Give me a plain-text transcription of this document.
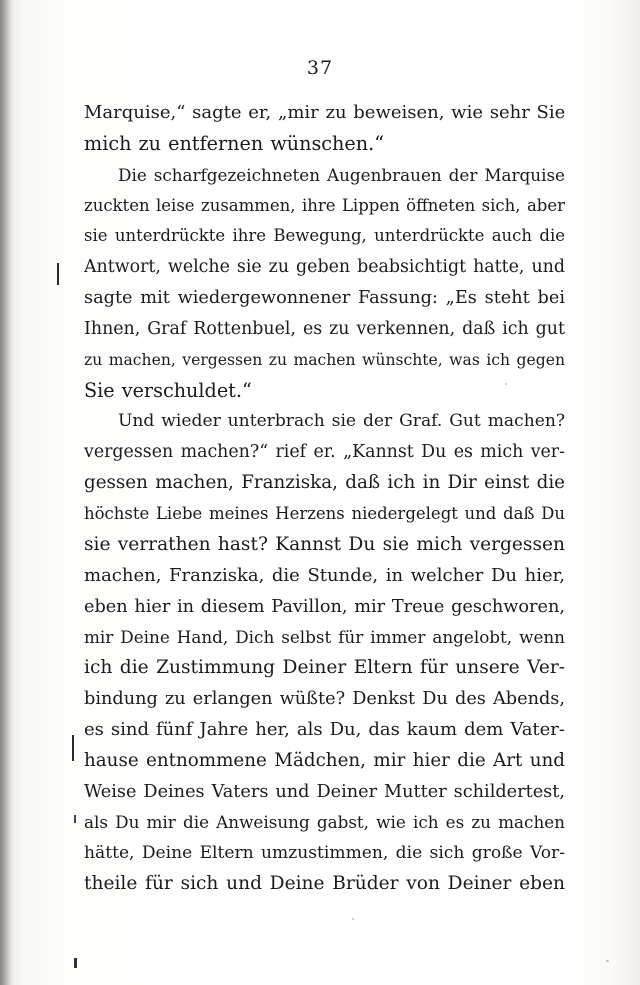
37
Marquise,“ sagte er, „mir zu beweisen, wie sehr Sie
mich zu entfernen wünschen.“
Die scharfgezeichneten Augenbrauen der Marquise
zuckten leise zusammen, ihre Lippen öffneten sich, aber
sie unterdrückte ihre Bewegung, unterdrückte auch die
Antwort, welche sie zu geben beabsichtigt hatte, und
sagte mit wiedergewonnener Fassung: „Es steht bei
Ihnen, Graf Rottenbuel, es zu verkennen, daß ich gut
zu machen, vergessen zu machen wünschte, was ich gegen
Sie verschuldet.“
Und wieder unterbrach sie der Graf. Gut machen?
vergessen machen?“ rief er. „Kannst Du es mich ver-
gessen machen, Franziska, daß ich in Dir einst die
höchste Liebe meines Herzens niedergelegt und daß Du
sie verrathen hast? Kannst Du sie mich vergessen
machen, Franziska, die Stunde, in welcher Du hier,
eben hier in diesem Pavillon, mir Treue geschworen,
mir Deine Hand, Dich selbst für immer angelobt, wenn
ich die Zustimmung Deiner Eltern für unsere Ver-
bindung zu erlangen wüßte? Denkst Du des Abends,
es sind fünf Jahre her, als Du, das kaum dem Vater-
hause entnommene Mädchen, mir hier die Art und
Weise Deines Vaters und Deiner Mutter schildertest,
als Du mir die Anweisung gabst, wie ich es zu machen
hätte, Deine Eltern umzustimmen, die sich große Vor-
theile für sich und Deine Brüder von Deiner eben
